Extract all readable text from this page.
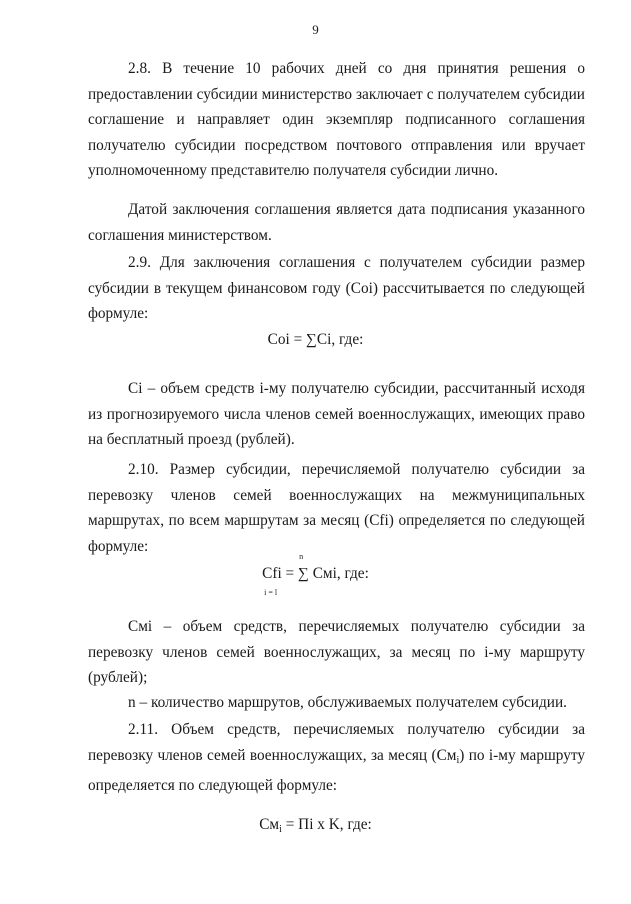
9

2.8. В течение 10 рабочих дней со дня принятия решения о предоставлении субсидии министерство заключает с получателем субсидии соглашение и направляет один экземпляр подписанного соглашения получателю субсидии посредством почтового отправления или вручает уполномоченному представителю получателя субсидии лично.

Датой заключения соглашения является дата подписания указанного соглашения министерством.

2.9. Для заключения соглашения с получателем субсидии размер субсидии в текущем финансовом году (Coi) рассчитывается по следующей формуле:

Coi = ∑Ci, где:

Ci – объем средств i-му получателю субсидии, рассчитанный исходя из прогнозируемого числа членов семей военнослужащих, имеющих право на бесплатный проезд (рублей).

2.10. Размер субсидии, перечисляемой получателю субсидии за перевозку членов семей военнослужащих на межмуниципальных маршрутах, по всем маршрутам за месяц (Cfi) определяется по следующей формуле:

n
Cfi = ∑ Смi, где:
i = l

Смi – объем средств, перечисляемых получателю субсидии за перевозку членов семей военнослужащих, за месяц по i-му маршруту (рублей);

n – количество маршрутов, обслуживаемых получателем субсидии.

2.11. Объем средств, перечисляемых получателю субсидии за перевозку членов семей военнослужащих, за месяц $(См_i)$ по i-му маршруту определяется по следующей формуле:

$См_i$ = Пi x K, где:
